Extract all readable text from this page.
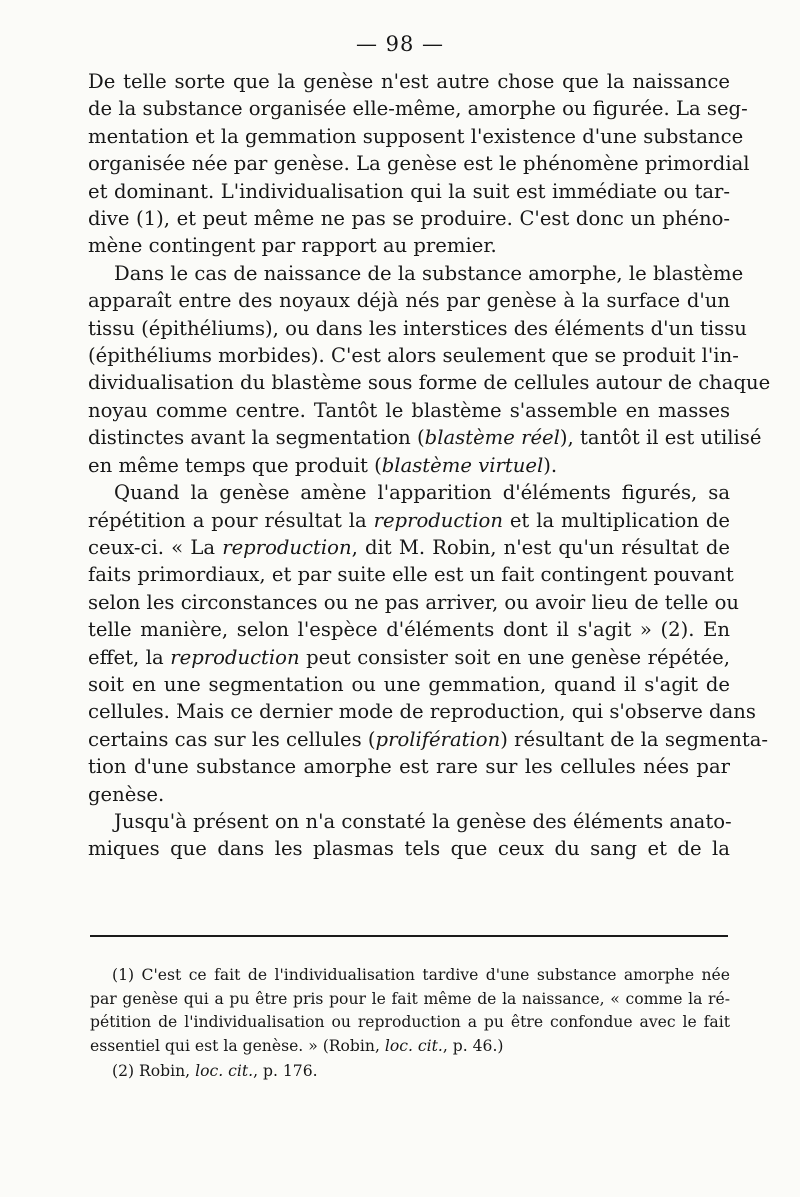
— 98 —
De telle sorte que la genèse n'est autre chose que la naissance
de la substance organisée elle-même, amorphe ou figurée. La seg-
mentation et la gemmation supposent l'existence d'une substance
organisée née par genèse. La genèse est le phénomène primordial
et dominant. L'individualisation qui la suit est immédiate ou tar-
dive (1), et peut même ne pas se produire. C'est donc un phéno-
mène contingent par rapport au premier.
Dans le cas de naissance de la substance amorphe, le blastème
apparaît entre des noyaux déjà nés par genèse à la surface d'un
tissu (épithéliums), ou dans les interstices des éléments d'un tissu
(épithéliums morbides). C'est alors seulement que se produit l'in-
dividualisation du blastème sous forme de cellules autour de chaque
noyau comme centre. Tantôt le blastème s'assemble en masses
distinctes avant la segmentation (blastème réel), tantôt il est utilisé
en même temps que produit (blastème virtuel).
Quand la genèse amène l'apparition d'éléments figurés, sa
répétition a pour résultat la reproduction et la multiplication de
ceux-ci. « La reproduction, dit M. Robin, n'est qu'un résultat de
faits primordiaux, et par suite elle est un fait contingent pouvant
selon les circonstances ou ne pas arriver, ou avoir lieu de telle ou
telle manière, selon l'espèce d'éléments dont il s'agit » (2). En
effet, la reproduction peut consister soit en une genèse répétée,
soit en une segmentation ou une gemmation, quand il s'agit de
cellules. Mais ce dernier mode de reproduction, qui s'observe dans
certains cas sur les cellules (prolifération) résultant de la segmenta-
tion d'une substance amorphe est rare sur les cellules nées par
genèse.
Jusqu'à présent on n'a constaté la genèse des éléments anato-
miques que dans les plasmas tels que ceux du sang et de la
(1) C'est ce fait de l'individualisation tardive d'une substance amorphe née
par genèse qui a pu être pris pour le fait même de la naissance, « comme la ré-
pétition de l'individualisation ou reproduction a pu être confondue avec le fait
essentiel qui est la genèse. » (Robin, loc. cit., p. 46.)
(2) Robin, loc. cit., p. 176.
